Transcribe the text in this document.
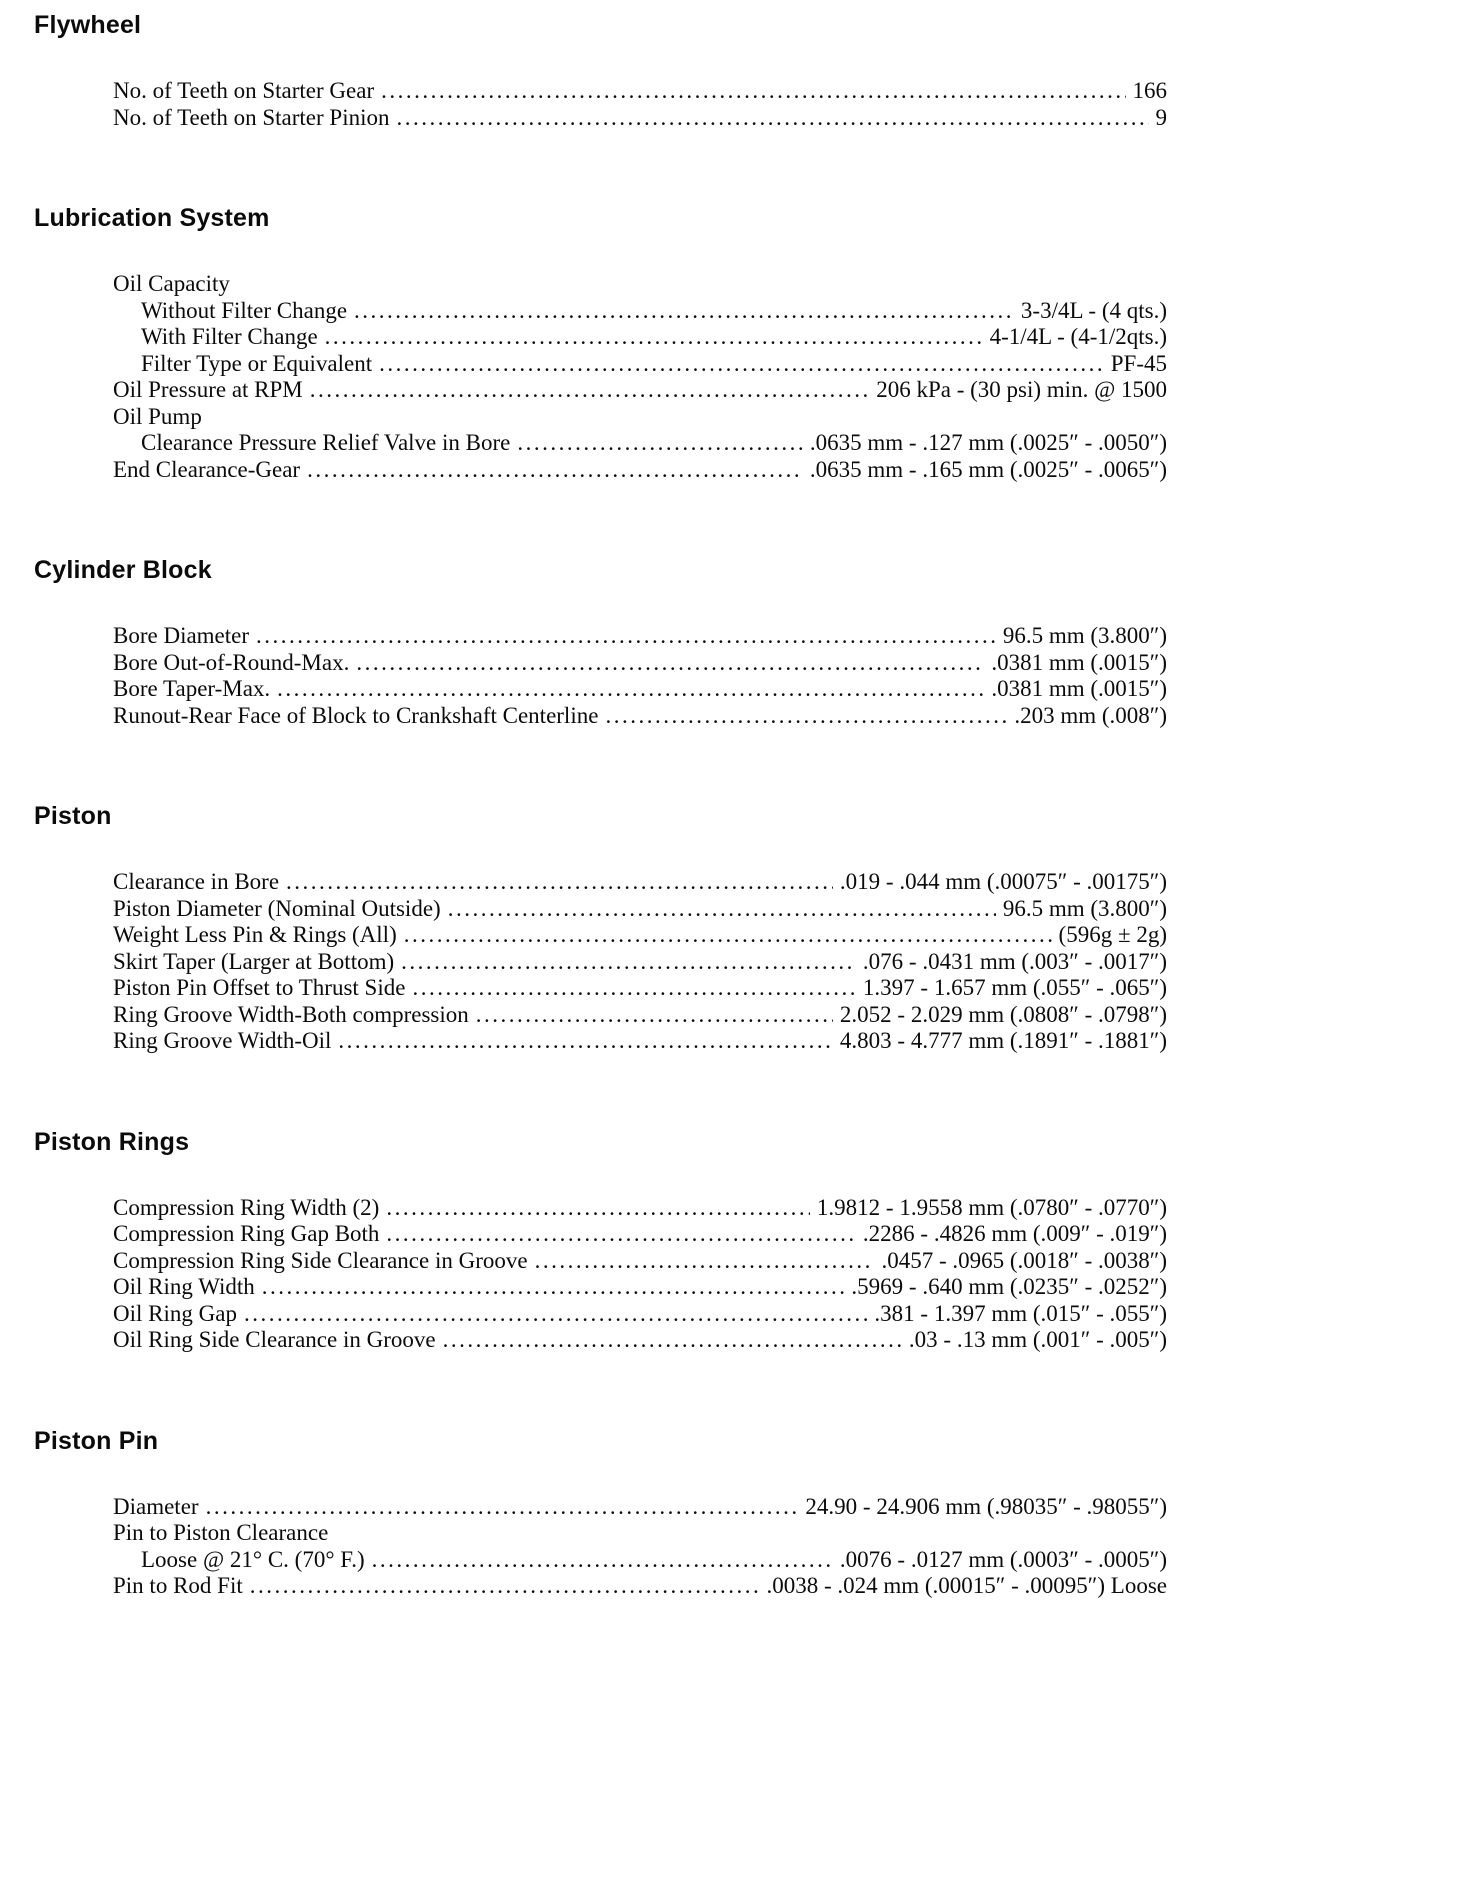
Flywheel
No. of Teeth on Starter Gear .....	166
No. of Teeth on Starter Pinion .....	9
Lubrication System
Oil Capacity
Without Filter Change .....	3-3/4L - (4 qts.)
With Filter Change .....	4-1/4L - (4-1/2qts.)
Filter Type or Equivalent .....	PF-45
Oil Pressure at RPM .....	206 kPa - (30 psi) min. @ 1500
Oil Pump
Clearance Pressure Relief Valve in Bore .....	.0635 mm - .127 mm (.0025″ - .0050″)
End Clearance-Gear .....	.0635 mm - .165 mm (.0025″ - .0065″)
Cylinder Block
Bore Diameter .....	96.5 mm (3.800″)
Bore Out-of-Round-Max. .....	.0381 mm (.0015″)
Bore Taper-Max. .....	.0381 mm (.0015″)
Runout-Rear Face of Block to Crankshaft Centerline .....	.203 mm (.008″)
Piston
Clearance in Bore .....	.019 - .044 mm (.00075″ - .00175″)
Piston Diameter (Nominal Outside) .....	96.5 mm (3.800″)
Weight Less Pin & Rings (All) .....	(596g ± 2g)
Skirt Taper (Larger at Bottom) .....	.076 - .0431 mm (.003″ - .0017″)
Piston Pin Offset to Thrust Side .....	1.397 - 1.657 mm (.055″ - .065″)
Ring Groove Width-Both compression .....	2.052 - 2.029 mm (.0808″ - .0798″)
Ring Groove Width-Oil .....	4.803 - 4.777 mm (.1891″ - .1881″)
Piston Rings
Compression Ring Width (2) .....	1.9812 - 1.9558 mm (.0780″ - .0770″)
Compression Ring Gap Both .....	.2286 - .4826 mm (.009″ - .019″)
Compression Ring Side Clearance in Groove .....	.0457 - .0965 (.0018″ - .0038″)
Oil Ring Width .....	.5969 - .640 mm (.0235″ - .0252″)
Oil Ring Gap .....	.381 - 1.397 mm (.015″ - .055″)
Oil Ring Side Clearance in Groove .....	.03 - .13 mm (.001″ - .005″)
Piston Pin
Diameter .....	24.90 - 24.906 mm (.98035″ - .98055″)
Pin to Piston Clearance
Loose @ 21° C. (70° F.) .....	.0076 - .0127 mm (.0003″ - .0005″)
Pin to Rod Fit .....	.0038 - .024 mm (.00015″ - .00095″) Loose
